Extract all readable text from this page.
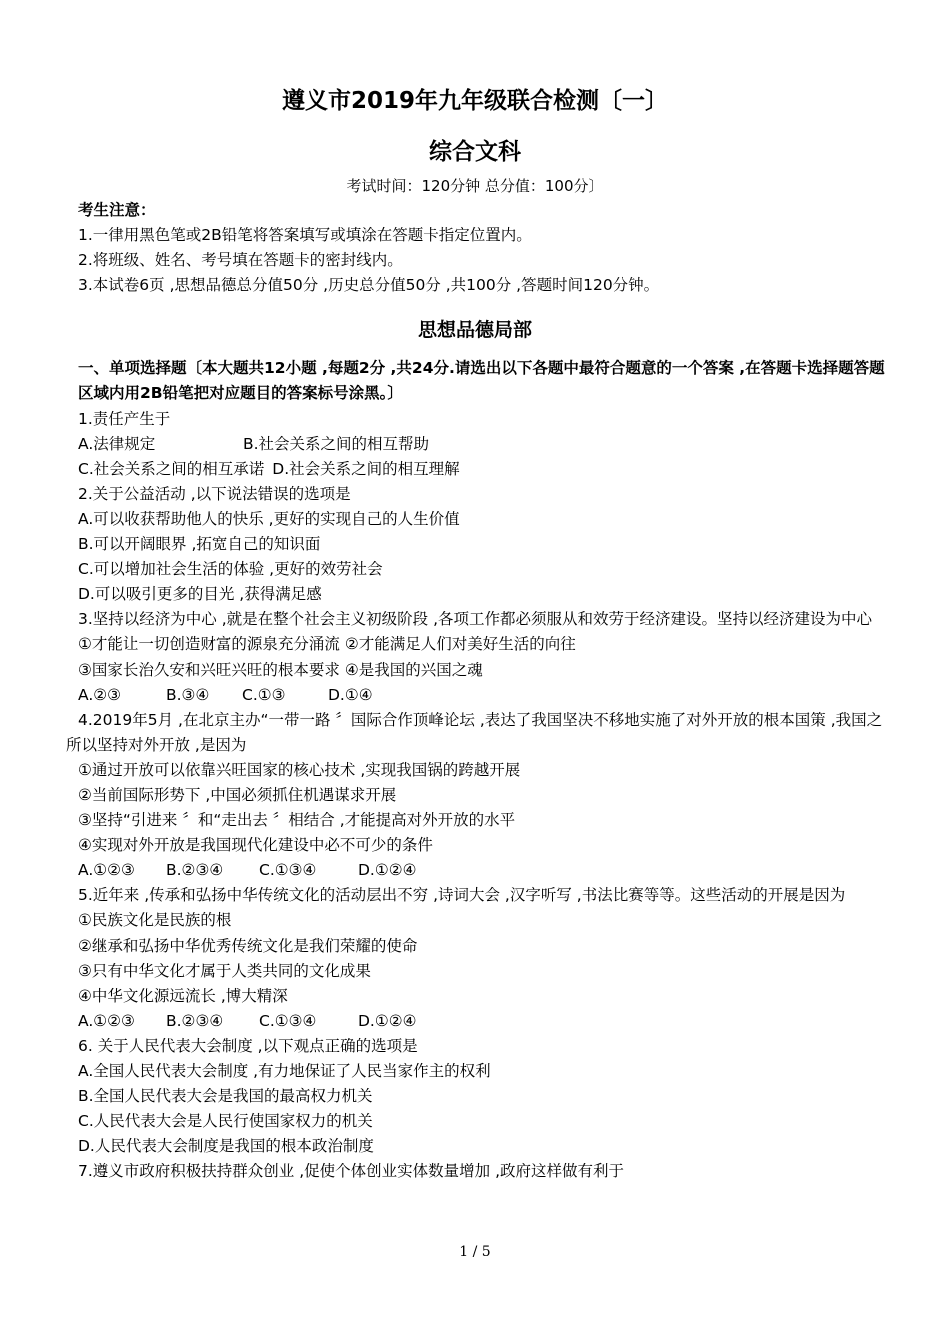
遵义市2019年九年级联合检测〔一〕
综合文科
考试时间：120分钟 总分值：100分〕
考生注意：
1.一律用黑色笔或2B铅笔将答案填写或填涂在答题卡指定位置内。
2.将班级、姓名、考号填在答题卡的密封线内。
3.本试卷6页 ,思想品德总分值50分 ,历史总分值50分 ,共100分 ,答题时间120分钟。
思想品德局部
一、单项选择题〔本大题共12小题 ,每题2分 ,共24分.请选出以下各题中最符合题意的一个答案 ,在答题卡选择题答题区域内用2B铅笔把对应题目的答案标号涂黑。〕
1.责任产生于
A.法律规定	B.社会关系之间的相互帮助
C.社会关系之间的相互承诺 D.社会关系之间的相互理解
2.关于公益活动 ,以下说法错误的选项是
A.可以收获帮助他人的快乐 ,更好的实现自己的人生价值
B.可以开阔眼界 ,拓宽自己的知识面
C.可以增加社会生活的体验 ,更好的效劳社会
D.可以吸引更多的目光 ,获得满足感
3.坚持以经济为中心 ,就是在整个社会主义初级阶段 ,各项工作都必须服从和效劳于经济建设。坚持以经济建设为中心
①才能让一切创造财富的源泉充分涌流 ②才能满足人们对美好生活的向往
③国家长治久安和兴旺兴旺的根本要求 ④是我国的兴国之魂
A.②③	B.③④ C.①③	D.①④
4.2019年5月 ,在北京主办“一带一路 〞国际合作顶峰论坛 ,表达了我国坚决不移地实施了对外开放的根本国策 ,我国之所以坚持对外开放 ,是因为
①通过开放可以依靠兴旺国家的核心技术 ,实现我国锅的跨越开展
②当前国际形势下 ,中国必须抓住机遇谋求开展
③坚持“引进来 〞和“走出去 〞相结合 ,才能提高对外开放的水平
④实现对外开放是我国现代化建设中必不可少的条件
A.①②③ B.②③④ C.①③④	D.①②④
5.近年来 ,传承和弘扬中华传统文化的活动层出不穷 ,诗词大会 ,汉字听写 ,书法比赛等等。这些活动的开展是因为
①民族文化是民族的根
②继承和弘扬中华优秀传统文化是我们荣耀的使命
③只有中华文化才属于人类共同的文化成果
④中华文化源远流长 ,博大精深
A.①②③ B.②③④ C.①③④	D.①②④
6. 关于人民代表大会制度 ,以下观点正确的选项是
A.全国人民代表大会制度 ,有力地保证了人民当家作主的权利
B.全国人民代表大会是我国的最高权力机关
C.人民代表大会是人民行使国家权力的机关
D.人民代表大会制度是我国的根本政治制度
7.遵义市政府积极扶持群众创业 ,促使个体创业实体数量增加 ,政府这样做有利于
1 / 5
